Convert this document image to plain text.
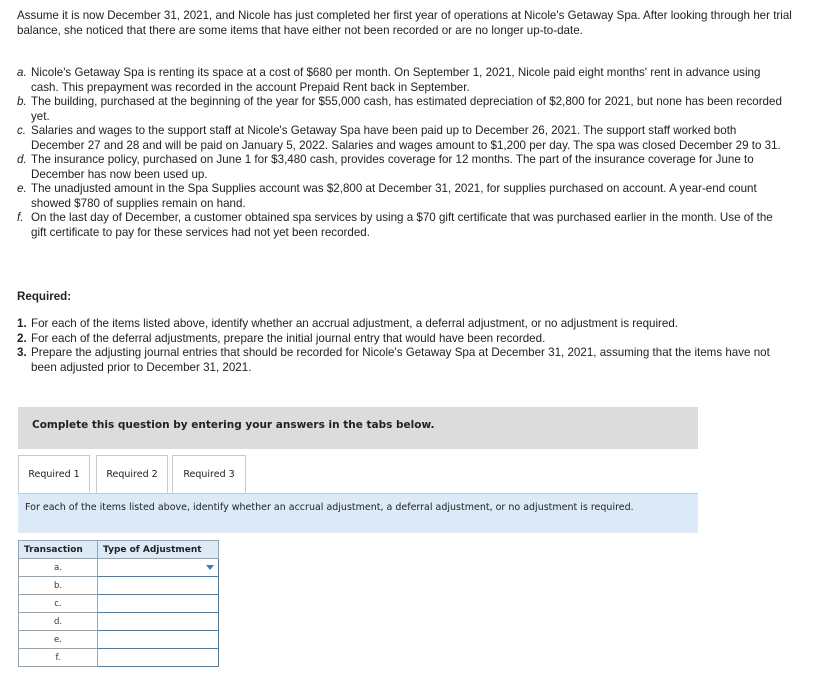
Assume it is now December 31, 2021, and Nicole has just completed her first year of operations at Nicole's Getaway Spa. After looking through her trial balance, she noticed that there are some items that have either not been recorded or are no longer up-to-date.
a. Nicole's Getaway Spa is renting its space at a cost of $680 per month. On September 1, 2021, Nicole paid eight months' rent in advance using cash. This prepayment was recorded in the account Prepaid Rent back in September.
b. The building, purchased at the beginning of the year for $55,000 cash, has estimated depreciation of $2,800 for 2021, but none has been recorded yet.
c. Salaries and wages to the support staff at Nicole's Getaway Spa have been paid up to December 26, 2021. The support staff worked both December 27 and 28 and will be paid on January 5, 2022. Salaries and wages amount to $1,200 per day. The spa was closed December 29 to 31.
d. The insurance policy, purchased on June 1 for $3,480 cash, provides coverage for 12 months. The part of the insurance coverage for June to December has now been used up.
e. The unadjusted amount in the Spa Supplies account was $2,800 at December 31, 2021, for supplies purchased on account. A year-end count showed $780 of supplies remain on hand.
f. On the last day of December, a customer obtained spa services by using a $70 gift certificate that was purchased earlier in the month. Use of the gift certificate to pay for these services had not yet been recorded.
Required:
1. For each of the items listed above, identify whether an accrual adjustment, a deferral adjustment, or no adjustment is required.
2. For each of the deferral adjustments, prepare the initial journal entry that would have been recorded.
3. Prepare the adjusting journal entries that should be recorded for Nicole's Getaway Spa at December 31, 2021, assuming that the items have not been adjusted prior to December 31, 2021.
Complete this question by entering your answers in the tabs below.
Required 1	Required 2	Required 3
For each of the items listed above, identify whether an accrual adjustment, a deferral adjustment, or no adjustment is required.
Transaction	Type of Adjustment
a.	

b.	

c.	

d.	

e.	

f.	
